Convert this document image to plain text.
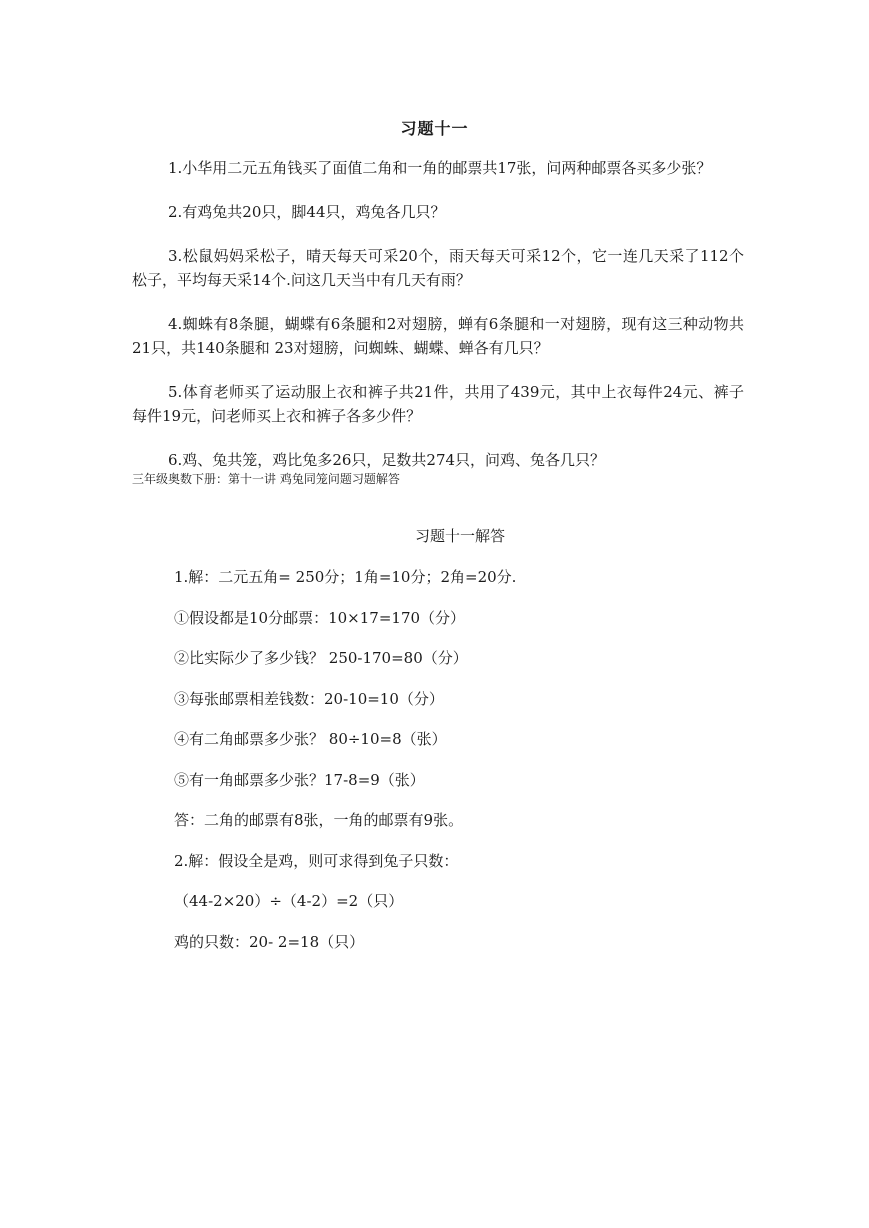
习题十一

1.小华用二元五角钱买了面值二角和一角的邮票共17张，问两种邮票各买多少张？

2.有鸡兔共20只，脚44只，鸡兔各几只？

3.松鼠妈妈采松子，晴天每天可采20个，雨天每天可采12个，它一连几天采了112个松子，平均每天采14个.问这几天当中有几天有雨？

4.蜘蛛有8条腿，蝴蝶有6条腿和2对翅膀，蝉有6条腿和一对翅膀，现有这三种动物共21只，共140条腿和 23对翅膀，问蜘蛛、蝴蝶、蝉各有几只？

5.体育老师买了运动服上衣和裤子共21件，共用了439元，其中上衣每件24元、裤子每件19元，问老师买上衣和裤子各多少件？

6.鸡、兔共笼，鸡比兔多26只，足数共274只，问鸡、兔各几只？

三年级奥数下册：第十一讲 鸡兔同笼问题习题解答
习题十一解答
1.解：二元五角= 250分；1角=10分；2角=20分.
①假设都是10分邮票：10×17=170（分）
②比实际少了多少钱？ 250-170=80（分）
③每张邮票相差钱数：20-10=10（分）
④有二角邮票多少张？ 80÷10=8（张）
⑤有一角邮票多少张？17-8=9（张）
答：二角的邮票有8张，一角的邮票有9张。
2.解：假设全是鸡，则可求得到兔子只数：
（44-2×20）÷（4-2）=2（只）
鸡的只数：20- 2=18（只）
